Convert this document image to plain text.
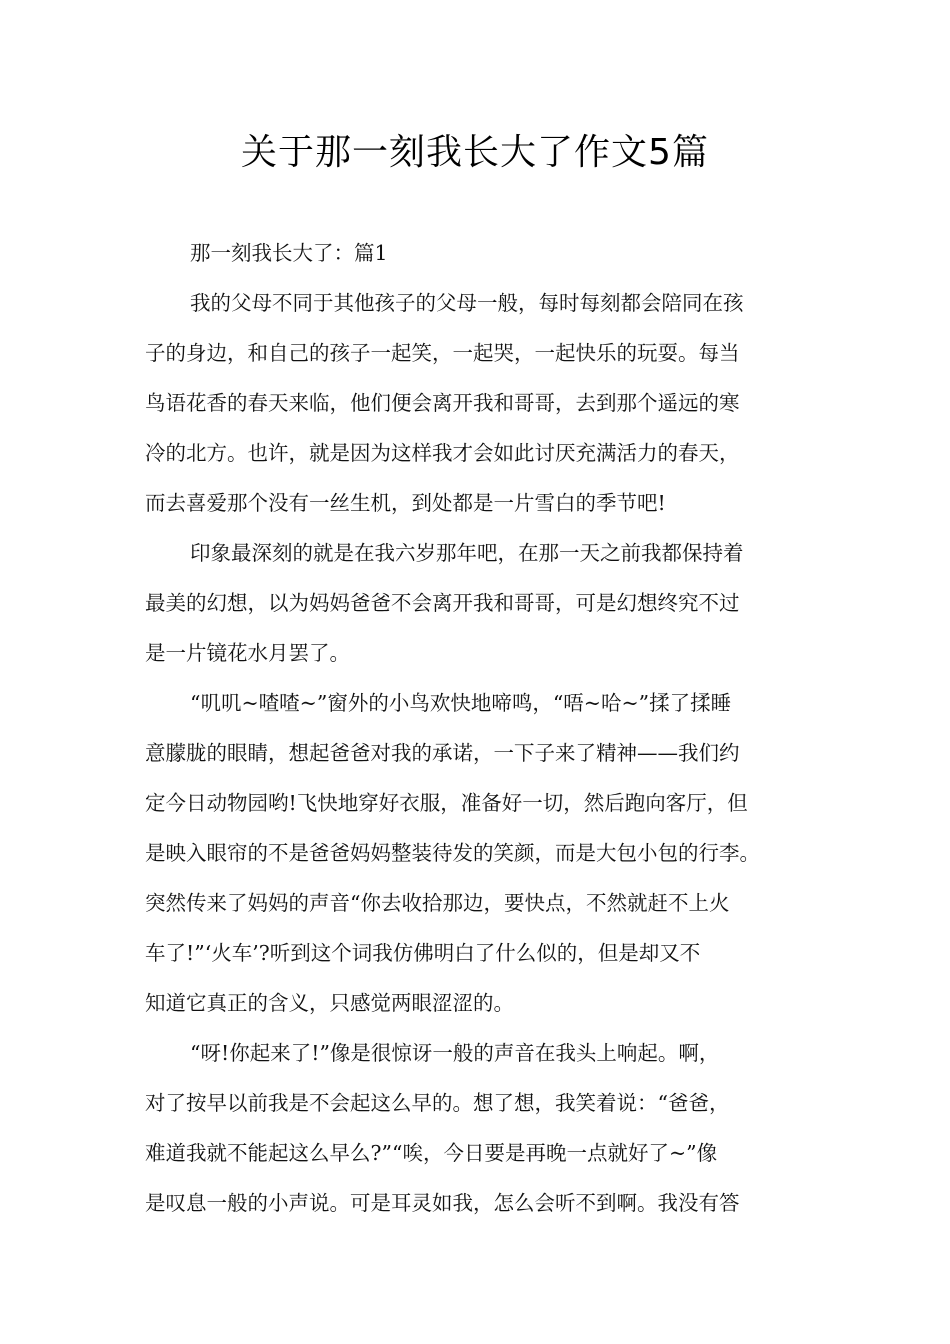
关于那一刻我长大了作文5篇
那一刻我长大了：篇1
我的父母不同于其他孩子的父母一般，每时每刻都会陪同在孩
子的身边，和自己的孩子一起笑，一起哭，一起快乐的玩耍。每当
鸟语花香的春天来临，他们便会离开我和哥哥，去到那个遥远的寒
冷的北方。也许，就是因为这样我才会如此讨厌充满活力的春天，
而去喜爱那个没有一丝生机，到处都是一片雪白的季节吧!
印象最深刻的就是在我六岁那年吧，在那一天之前我都保持着
最美的幻想，以为妈妈爸爸不会离开我和哥哥，可是幻想终究不过
是一片镜花水月罢了。
“叽叽~喳喳~”窗外的小鸟欢快地啼鸣，“唔~哈~”揉了揉睡
意朦胧的眼睛，想起爸爸对我的承诺，一下子来了精神——我们约
定今日动物园哟!飞快地穿好衣服，准备好一切，然后跑向客厅，但
是映入眼帘的不是爸爸妈妈整装待发的笑颜，而是大包小包的行李。
突然传来了妈妈的声音“你去收拾那边，要快点，不然就赶不上火
车了!”‘火车’?听到这个词我仿佛明白了什么似的，但是却又不
知道它真正的含义，只感觉两眼涩涩的。
“呀!你起来了!”像是很惊讶一般的声音在我头上响起。啊，
对了按早以前我是不会起这么早的。想了想，我笑着说：“爸爸，
难道我就不能起这么早么?”“唉，今日要是再晚一点就好了~”像
是叹息一般的小声说。可是耳灵如我，怎么会听不到啊。我没有答
